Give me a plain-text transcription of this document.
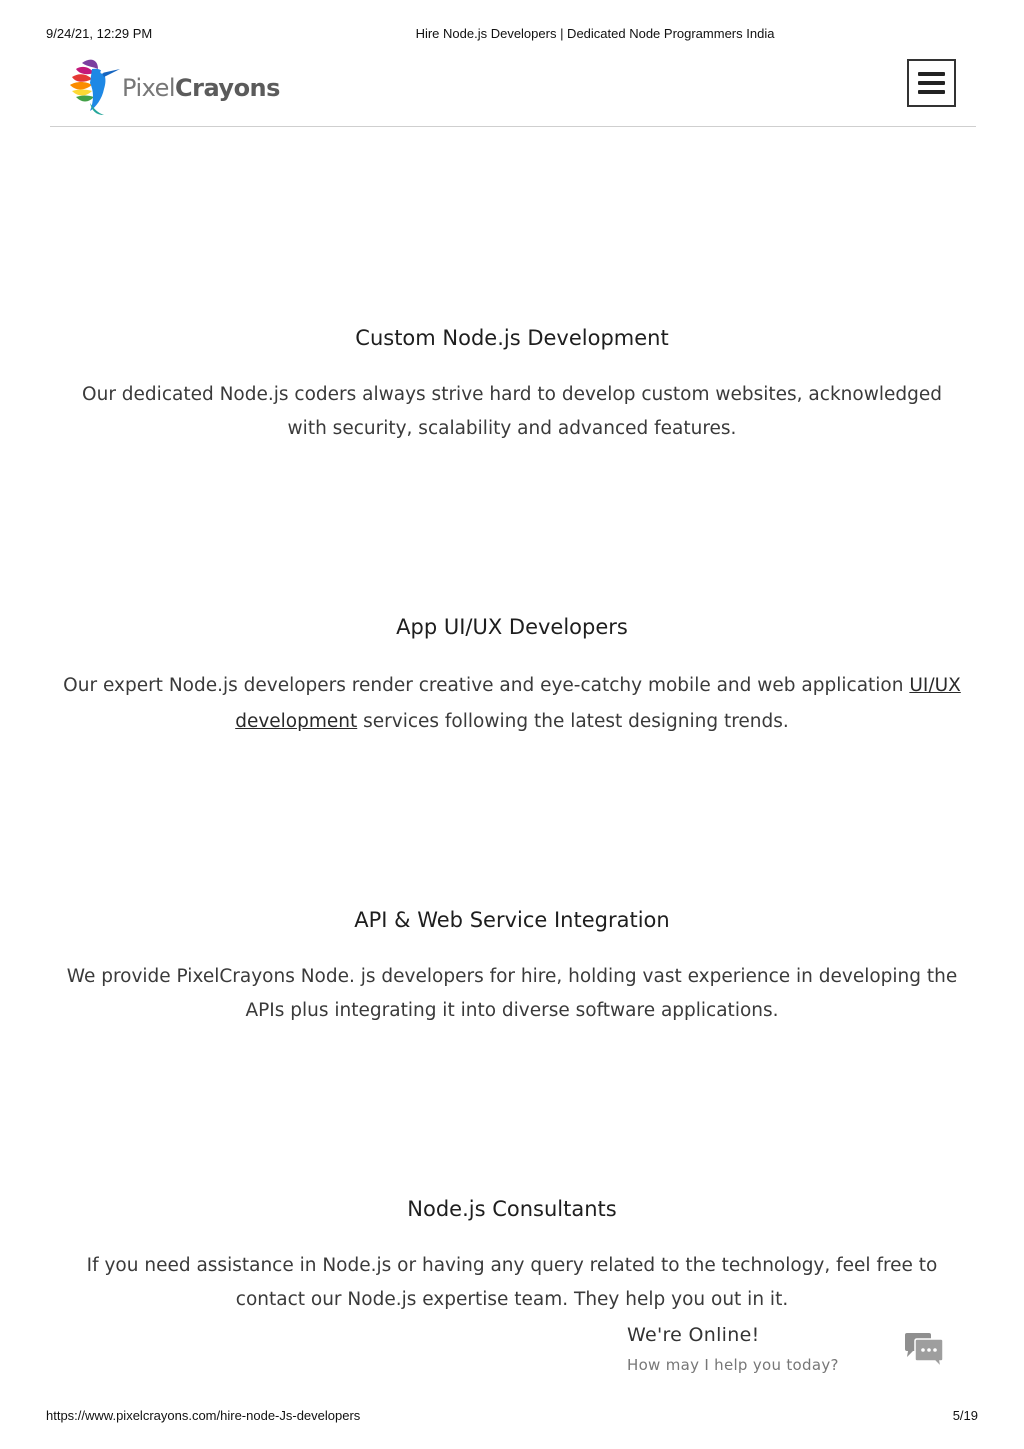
9/24/21, 12:29 PM	Hire Node.js Developers | Dedicated Node Programmers India
PixelCrayons
Custom Node.js Development

Our dedicated Node.js coders always strive hard to develop custom websites, acknowledged with security, scalability and advanced features.

App UI/UX Developers

Our expert Node.js developers render creative and eye-catchy mobile and web application UI/UX development services following the latest designing trends.

API & Web Service Integration

We provide PixelCrayons Node. js developers for hire, holding vast experience in developing the APIs plus integrating it into diverse software applications.

Node.js Consultants

If you need assistance in Node.js or having any query related to the technology, feel free to contact our Node.js expertise team. They help you out in it.

We're Online!
How may I help you today?
https://www.pixelcrayons.com/hire-node-Js-developers	5/19
